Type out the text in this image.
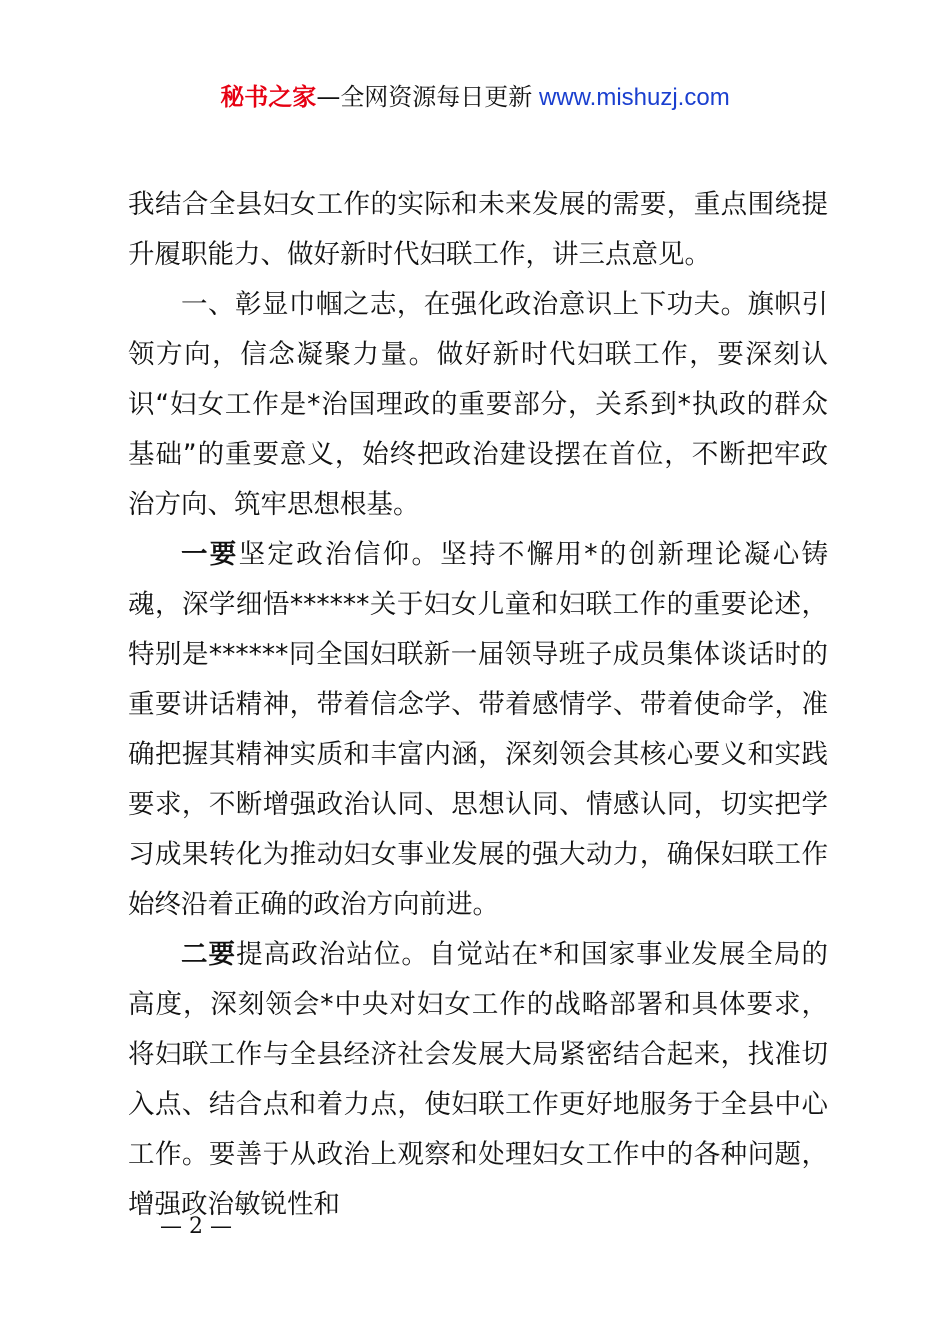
秘书之家—全网资源每日更新 www.mishuzj.com

我结合全县妇女工作的实际和未来发展的需要，重点围绕提升履职能力、做好新时代妇联工作，讲三点意见。

一、彰显巾帼之志，在强化政治意识上下功夫。旗帜引领方向，信念凝聚力量。做好新时代妇联工作，要深刻认识“妇女工作是*治国理政的重要部分，关系到*执政的群众基础”的重要意义，始终把政治建设摆在首位，不断把牢政治方向、筑牢思想根基。

一要坚定政治信仰。坚持不懈用*的创新理论凝心铸魂，深学细悟******关于妇女儿童和妇联工作的重要论述，特别是******同全国妇联新一届领导班子成员集体谈话时的重要讲话精神，带着信念学、带着感情学、带着使命学，准确把握其精神实质和丰富内涵，深刻领会其核心要义和实践要求，不断增强政治认同、思想认同、情感认同，切实把学习成果转化为推动妇女事业发展的强大动力，确保妇联工作始终沿着正确的政治方向前进。

二要提高政治站位。自觉站在*和国家事业发展全局的高度，深刻领会*中央对妇女工作的战略部署和具体要求，将妇联工作与全县经济社会发展大局紧密结合起来，找准切入点、结合点和着力点，使妇联工作更好地服务于全县中心工作。要善于从政治上观察和处理妇女工作中的各种问题，增强政治敏锐性和

— 2 —
